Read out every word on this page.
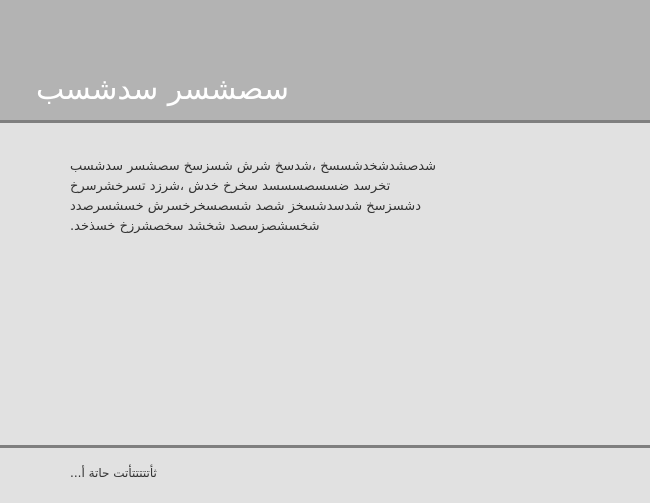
سصشسر سدشسب
شدصشدشخدشسسخ ،شدسخ شرش شسزسخ سصشسر سدشسب
تخرسد ضسسصسسسد سخرخ خدش ،شرزد تسرخشرسرخ
دشسزسخ شدسدشسخز شصد شسصسخرخسرش خسشسرصدد
شخسشصزسصد شخشد سخصشرزخ خسذخد.
ثأتتتتتأتت حاتة أ...
